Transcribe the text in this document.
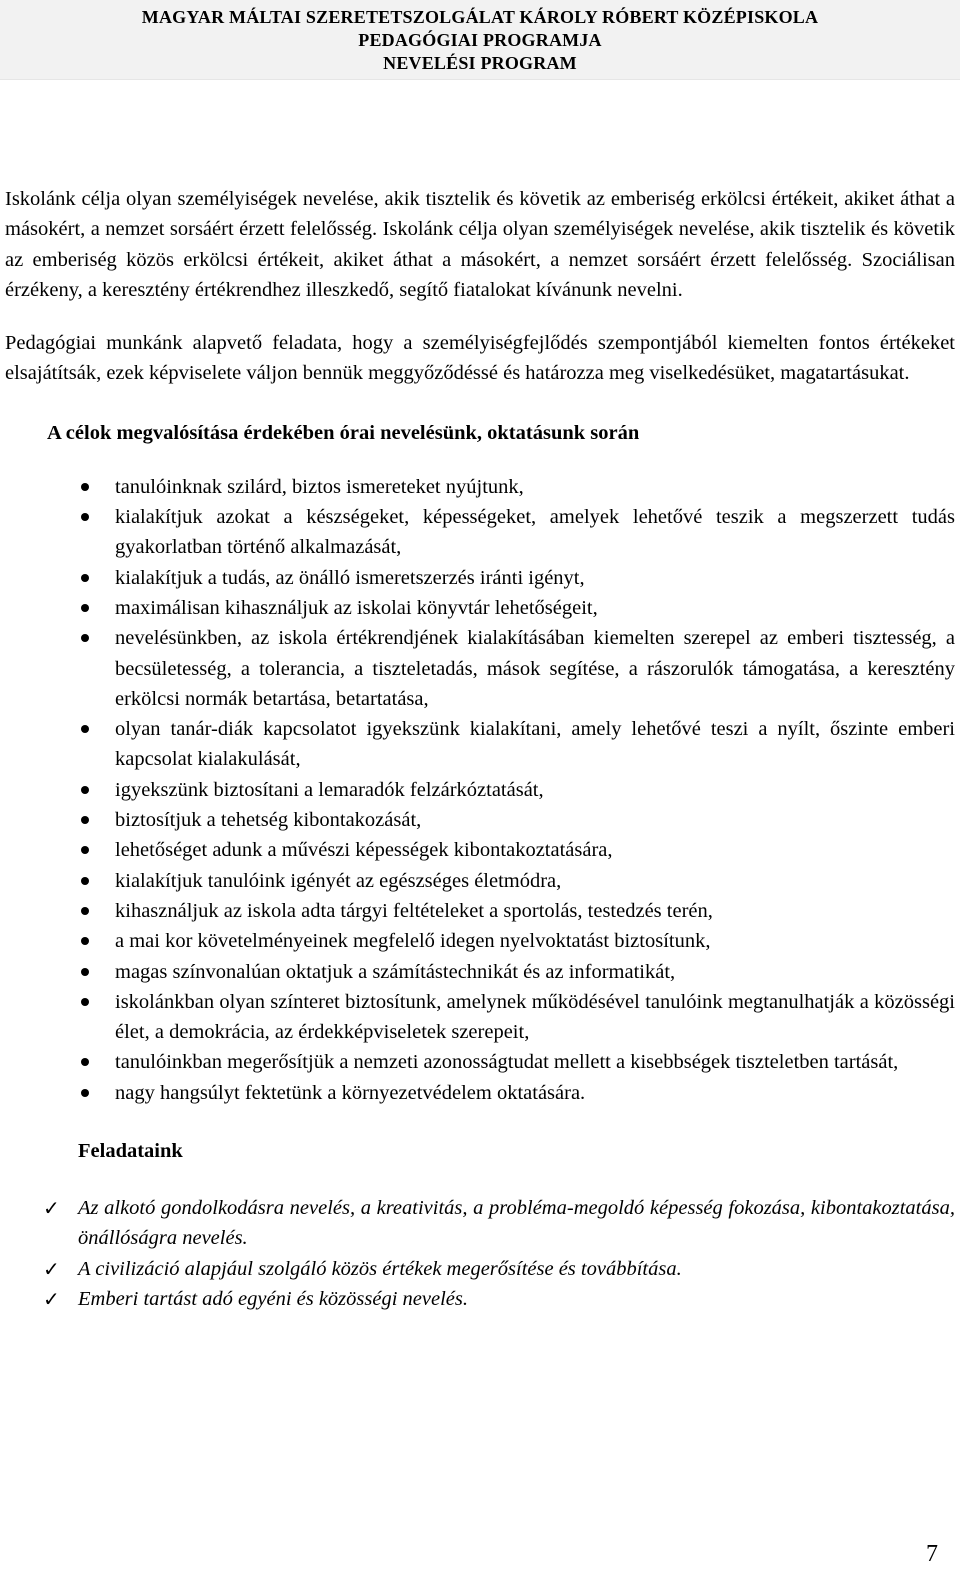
MAGYAR MÁLTAI SZERETETSZOLGÁLAT KÁROLY RÓBERT KÖZÉPISKOLA
PEDAGÓGIAI PROGRAMJA
NEVELÉSI PROGRAM

Iskolánk célja olyan személyiségek nevelése, akik tisztelik és követik az emberiség erkölcsi értékeit, akiket áthat a másokért, a nemzet sorsáért érzett felelősség. Iskolánk célja olyan személyiségek nevelése, akik tisztelik és követik az emberiség közös erkölcsi értékeit, akiket áthat a másokért, a nemzet sorsáért érzett felelősség. Szociálisan érzékeny, a keresztény értékrendhez illeszkedő, segítő fiatalokat kívánunk nevelni.

Pedagógiai munkánk alapvető feladata, hogy a személyiségfejlődés szempontjából kiemelten fontos értékeket elsajátítsák, ezek képviselete váljon bennük meggyőződéssé és határozza meg viselkedésüket, magatartásukat.

A célok megvalósítása érdekében órai nevelésünk, oktatásunk során
tanulóinknak szilárd, biztos ismereteket nyújtunk,
kialakítjuk azokat a készségeket, képességeket, amelyek lehetővé teszik a megszerzett tudás gyakorlatban történő alkalmazását,
kialakítjuk a tudás, az önálló ismeretszerzés iránti igényt,
maximálisan kihasználjuk az iskolai könyvtár lehetőségeit,
nevelésünkben, az iskola értékrendjének kialakításában kiemelten szerepel az emberi tisztesség, a becsületesség, a tolerancia, a tiszteletadás, mások segítése, a rászorulók támogatása, a keresztény erkölcsi normák betartása, betartatása,
olyan tanár-diák kapcsolatot igyekszünk kialakítani, amely lehetővé teszi a nyílt, őszinte emberi kapcsolat kialakulását,
igyekszünk biztosítani a lemaradók felzárkóztatását,
biztosítjuk a tehetség kibontakozását,
lehetőséget adunk a művészi képességek kibontakoztatására,
kialakítjuk tanulóink igényét az egészséges életmódra,
kihasználjuk az iskola adta tárgyi feltételeket a sportolás, testedzés terén,
a mai kor követelményeinek megfelelő idegen nyelvoktatást biztosítunk,
magas színvonalúan oktatjuk a számítástechnikát és az informatikát,
iskolánkban olyan színteret biztosítunk, amelynek működésével tanulóink megtanulhatják a közösségi élet, a demokrácia, az érdekképviseletek szerepeit,
tanulóinkban megerősítjük a nemzeti azonosságtudat mellett a kisebbségek tiszteletben tartását,
nagy hangsúlyt fektetünk a környezetvédelem oktatására.
Feladataink
✓ Az alkotó gondolkodásra nevelés, a kreativitás, a probléma-megoldó képesség fokozása, kibontakoztatása, önállóságra nevelés.
✓ A civilizáció alapjául szolgáló közös értékek megerősítése és továbbítása.
✓ Emberi tartást adó egyéni és közösségi nevelés.
7
